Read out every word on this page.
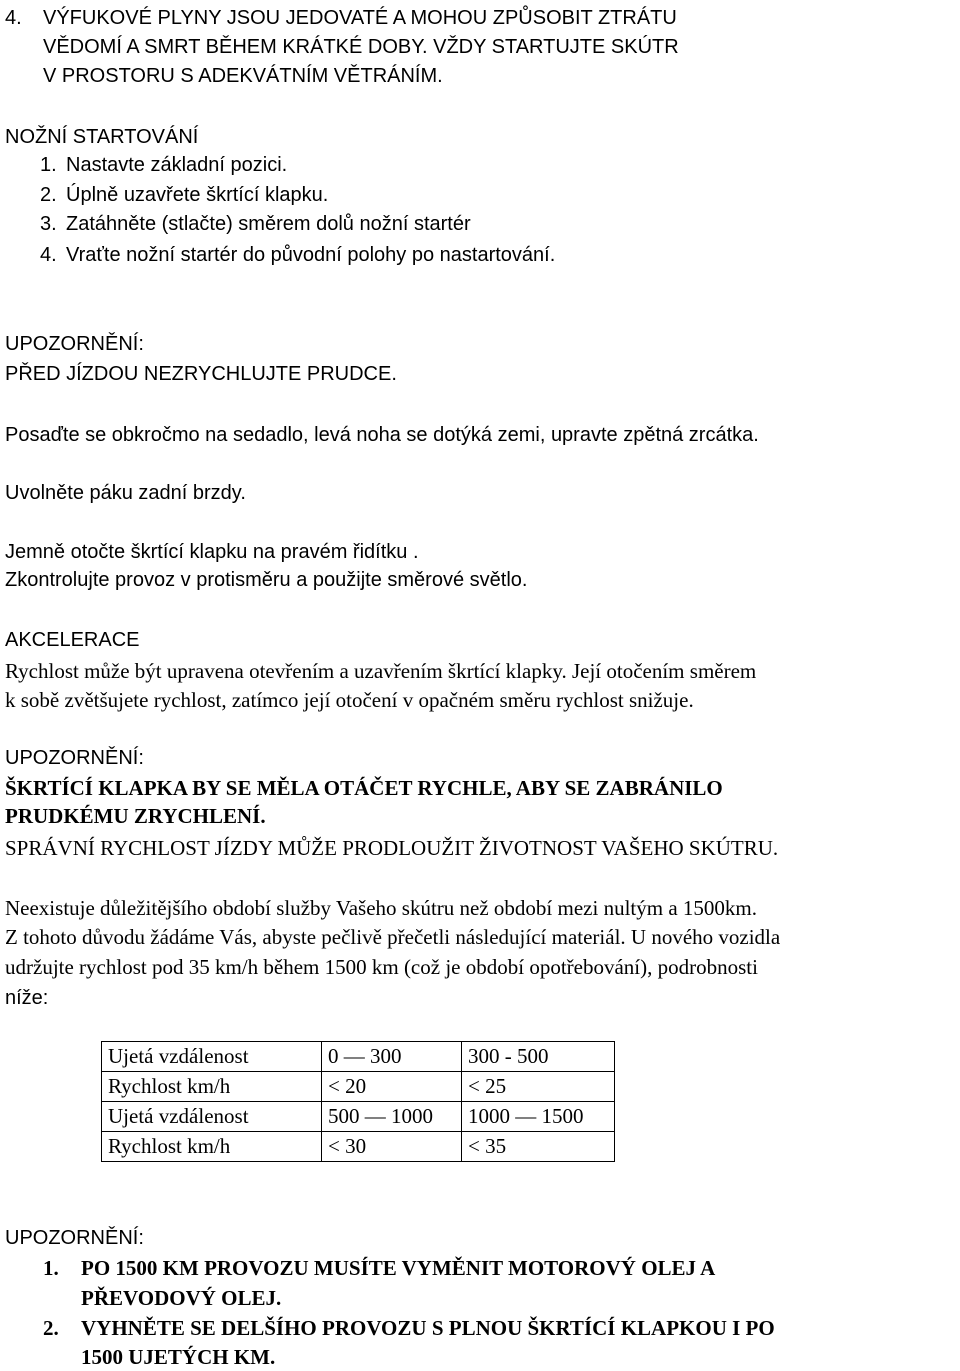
4. VÝFUKOVÉ PLYNY JSOU JEDOVATÉ A MOHOU ZPŮSOBIT ZTRÁTU
VĚDOMÍ A SMRT BĚHEM KRÁTKÉ DOBY. VŽDY STARTUJTE SKÚTR
V PROSTORU S ADEKVÁTNÍM VĚTRÁNÍM.
NOŽNÍ STARTOVÁNÍ
1. Nastavte základní pozici.
2. Úplně uzavřete škrtící klapku.
3. Zatáhněte (stlačte) směrem dolů nožní startér
4. Vraťte nožní startér do původní polohy po nastartování.
UPOZORNĚNÍ:
PŘED JÍZDOU NEZRYCHLUJTE PRUDCE.
Posaďte se obkročmo na sedadlo, levá noha se dotýká zemi, upravte zpětná zrcátka.
Uvolněte páku zadní brzdy.
Jemně otočte škrtící klapku na pravém řidítku .
Zkontrolujte provoz v protisměru a použijte směrové světlo.
AKCELERACE
Rychlost může být upravena otevřením a uzavřením škrtící klapky. Její otočením směrem
k sobě zvětšujete rychlost, zatímco její otočení v opačném směru rychlost snižuje.
UPOZORNĚNÍ:
ŠKRTÍCÍ KLAPKA BY SE MĚLA OTÁČET RYCHLE, ABY SE ZABRÁNILO
PRUDKÉMU ZRYCHLENÍ.
SPRÁVNÍ RYCHLOST JÍZDY MŮŽE PRODLOUŽIT ŽIVOTNOST VAŠEHO SKÚTRU.
Neexistuje důležitějšího období služby Vašeho skútru než období mezi nultým a 1500km.
Z tohoto důvodu žádáme Vás, abyste pečlivě přečetli následující materiál. U nového vozidla
udržujte rychlost pod 35 km/h během 1500 km (což je období opotřebování), podrobnosti
níže:
Ujetá vzdálenost	0 — 300	300 - 500
Rychlost km/h	< 20	< 25
Ujetá vzdálenost	500 — 1000	1000 — 1500
Rychlost km/h	< 30	< 35
UPOZORNĚNÍ:
1. PO 1500 KM PROVOZU MUSÍTE VYMĚNIT MOTOROVÝ OLEJ A
PŘEVODOVÝ OLEJ.
2. VYHNĚTE SE DELŠÍHO PROVOZU S PLNOU ŠKRTÍCÍ KLAPKOU I PO
1500 UJETÝCH KM.
